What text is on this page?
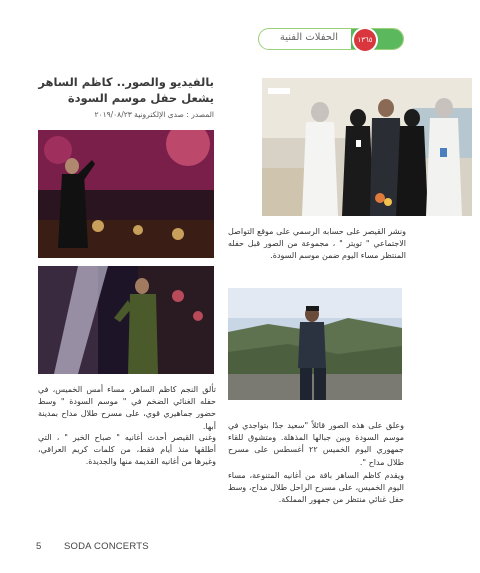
الحفلات الفنية	١٣٦٥
بالفيديو والصور.. كاظم الساهر يشعل حفل موسم السودة
المصدر : صدى الإلكترونية ٢٠١٩/٠٨/٢٣

ونشر القيصر على حسابه الرسمي على موقع التواصل الاجتماعي " تويتر " ، مجموعة من الصور قبل حفله المنتظر مساء اليوم ضمن موسم السودة.

تألق النجم كاظم الساهر، مساء أمس الخميس، في حفله الغنائي الضخم في " موسم السودة " وسط حضور جماهيري قوي، على مسرح طلال مداح بمدينة أبها.

وغنى القيصر أحدث أغانيه " صباح الخير " ، التي أطلقها منذ أيام فقط، من كلمات كريم العراقي، وغيرها من أغانيه القديمة منها والجديدة.

وعلق على هذه الصور قائلاً "سعيد جدًا بتواجدي في موسم السودة وبين جبالها المذهلة. ومتشوق للقاء جمهوري اليوم الخميس ٢٢ أغسطس على مسرح طلال مداح ".

ويقدم كاظم الساهر باقة من أغانيه المتنوعة، مساء اليوم الخميس، على مسرح الراحل طلال مداح، وسط حفل غنائي منتظر من جمهور المملكة.

5 SODA CONCERTS
